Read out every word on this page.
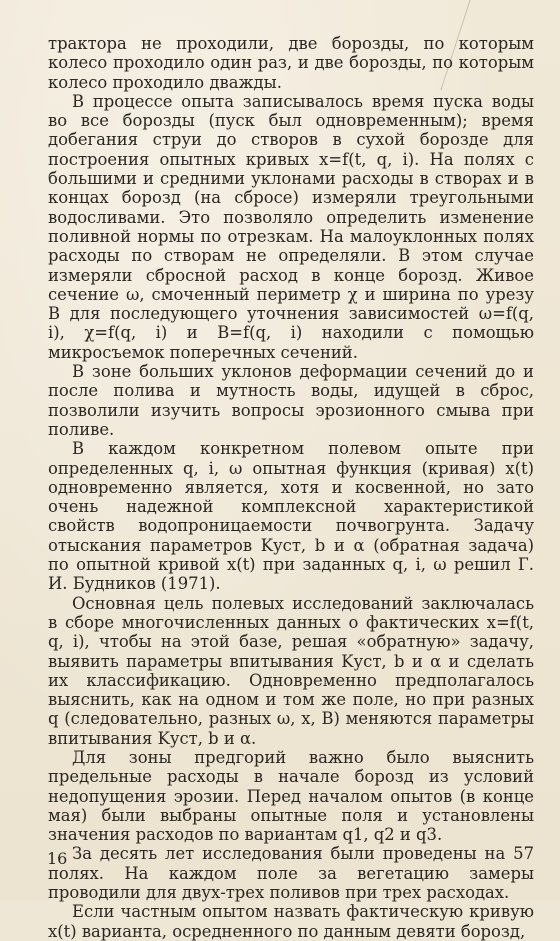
трактора не проходили, две борозды, по которым колесо проходило один раз, и две борозды, по которым колесо проходило дважды.

В процессе опыта записывалось время пуска воды во все борозды (пуск был одновременным); время добегания струи до створов в сухой борозде для построения опытных кривых x=f(t, q, i). На полях с большими и средними уклонами расходы в створах и в концах борозд (на сбросе) измеряли треугольными водосливами. Это позволяло определить изменение поливной нормы по отрезкам. На малоуклонных полях расходы по створам не определяли. В этом случае измеряли сбросной расход в конце борозд. Живое сечение ω, смоченный периметр χ и ширина по урезу B для последующего уточнения зависимостей ω=f(q, i), χ=f(q, i) и B=f(q, i) находили с помощью микросъемок поперечных сечений.

В зоне больших уклонов деформации сечений до и после полива и мутность воды, идущей в сброс, позволили изучить вопросы эрозионного смыва при поливе.

В каждом конкретном полевом опыте при определенных q, i, ω опытная функция (кривая) x(t) одновременно является, хотя и косвенной, но зато очень надежной комплексной характеристикой свойств водопроницаемости почвогрунта. Задачу отыскания параметров Kуст, b и α (обратная задача) по опытной кривой x(t) при заданных q, i, ω решил Г. И. Будников (1971).

Основная цель полевых исследований заключалась в сборе многочисленных данных о фактических x=f(t, q, i), чтобы на этой базе, решая «обратную» задачу, выявить параметры впитывания Kуст, b и α и сделать их классификацию. Одновременно предполагалось выяснить, как на одном и том же поле, но при разных q (следовательно, разных ω, x, B) меняются параметры впитывания Kуст, b и α.

Для зоны предгорий важно было выяснить предельные расходы в начале борозд из условий недопущения эрозии. Перед началом опытов (в конце мая) были выбраны опытные поля и установлены значения расходов по вариантам q1, q2 и q3.

За десять лет исследования были проведены на 57 полях. На каждом поле за вегетацию замеры проводили для двух-трех поливов при трех расходах.

Если частным опытом назвать фактическую кривую x(t) варианта, осредненного по данным девяти борозд,

16
